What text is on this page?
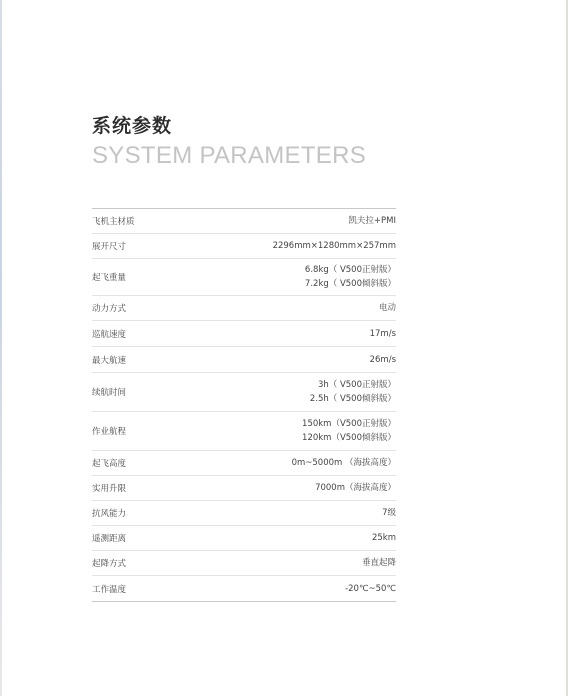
系统参数
SYSTEM PARAMETERS
飞机主材质	凯夫拉+PMI
展开尺寸	2296mm×1280mm×257mm
起飞重量
6.8kg（ V500正射版）
7.2kg（ V500倾斜版）
动力方式	电动
巡航速度	17m/s
最大航速	26m/s
续航时间
3h（ V500正射版）
2.5h（ V500倾斜版）
作业航程
150km（V500正射版）
120km（V500倾斜版）
起飞高度	0m~5000m （海拔高度）
实用升限	7000m（海拔高度）
抗风能力	7级
遥测距离	25km
起降方式	垂直起降
工作温度	-20℃~50℃
